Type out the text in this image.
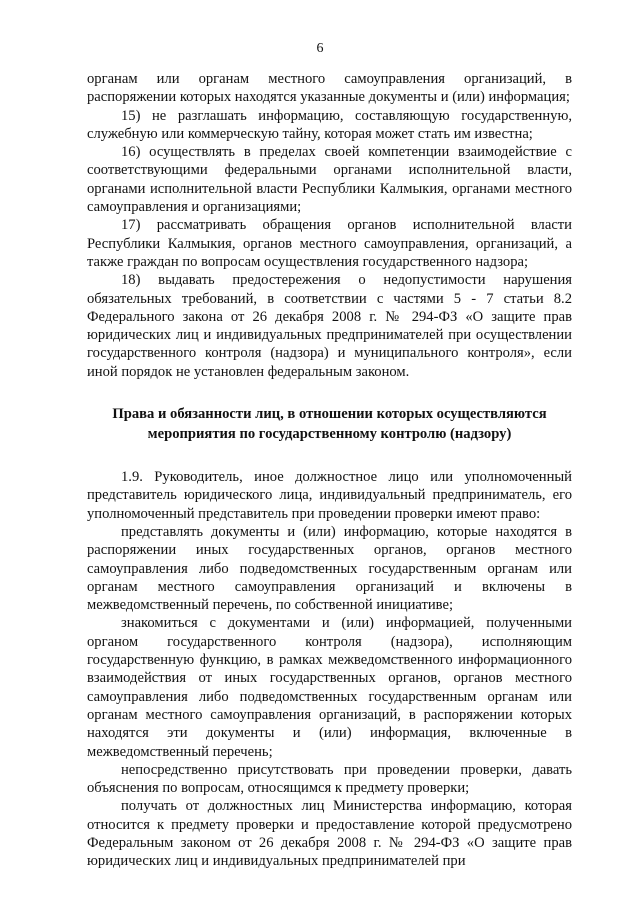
6

органам или органам местного самоуправления организаций, в распоряжении которых находятся указанные документы и (или) информация;

15) не разглашать информацию, составляющую государственную, служебную или коммерческую тайну, которая может стать им известна;

16) осуществлять в пределах своей компетенции взаимодействие с соответствующими федеральными органами исполнительной власти, органами исполнительной власти Республики Калмыкия, органами местного самоуправления и организациями;

17) рассматривать обращения органов исполнительной власти Республики Калмыкия, органов местного самоуправления, организаций, а также граждан по вопросам осуществления государственного надзора;

18) выдавать предостережения о недопустимости нарушения обязательных требований, в соответствии с частями 5 - 7 статьи 8.2 Федерального закона от 26 декабря 2008 г. № 294-ФЗ «О защите прав юридических лиц и индивидуальных предпринимателей при осуществлении государственного контроля (надзора) и муниципального контроля», если иной порядок не установлен федеральным законом.

Права и обязанности лиц, в отношении которых осуществляются
мероприятия по государственному контролю (надзору)

1.9. Руководитель, иное должностное лицо или уполномоченный представитель юридического лица, индивидуальный предприниматель, его уполномоченный представитель при проведении проверки имеют право:

представлять документы и (или) информацию, которые находятся в распоряжении иных государственных органов, органов местного самоуправления либо подведомственных государственным органам или органам местного самоуправления организаций и включены в межведомственный перечень, по собственной инициативе;

знакомиться с документами и (или) информацией, полученными органом государственного контроля (надзора), исполняющим государственную функцию, в рамках межведомственного информационного взаимодействия от иных государственных органов, органов местного самоуправления либо подведомственных государственным органам или органам местного самоуправления организаций, в распоряжении которых находятся эти документы и (или) информация, включенные в межведомственный перечень;

непосредственно присутствовать при проведении проверки, давать объяснения по вопросам, относящимся к предмету проверки;

получать от должностных лиц Министерства информацию, которая относится к предмету проверки и предоставление которой предусмотрено Федеральным законом от 26 декабря 2008 г. № 294-ФЗ «О защите прав юридических лиц и индивидуальных предпринимателей при
